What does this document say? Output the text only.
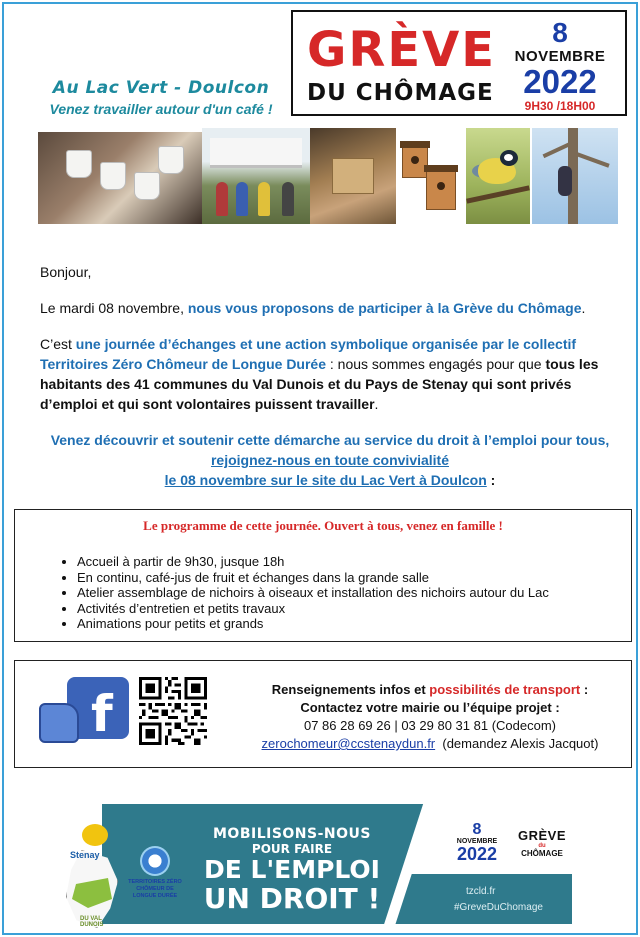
Au Lac Vert - Doulcon
Venez travailler autour d'un café !
GRÈVE
DU CHÔMAGE
8
NOVEMBRE
2022
9H30 /18H00

Bonjour,

Le mardi 08 novembre, nous vous proposons de participer à la Grève du Chômage.

C’est une journée d’échanges et une action symbolique organisée par le collectif Territoires Zéro Chômeur de Longue Durée : nous sommes engagés pour que tous les habitants des 41 communes du Val Dunois et du Pays de Stenay qui sont privés d’emploi et qui sont volontaires puissent travailler.

Venez découvrir et soutenir cette démarche au service du droit à l’emploi pour tous,
rejoignez-nous en toute convivialité
le 08 novembre sur le site du Lac Vert à Doulcon :

Le programme de cette journée. Ouvert à tous, venez en famille !
• Accueil à partir de 9h30, jusque 18h
• En continu, café-jus de fruit et échanges dans la grande salle
• Atelier assemblage de nichoirs à oiseaux et installation des nichoirs autour du Lac
• Activités d’entretien et petits travaux
• Animations pour petits et grands
f	Renseignements infos et possibilités de transport :
Contactez votre mairie ou l’équipe projet :
07 86 28 69 26 | 03 29 80 31 81 (Codecom)
zerochomeur@ccstenaydun.fr  (demandez Alexis Jacquot)
MOBILISONS-NOUS
POUR FAIRE
DE L'EMPLOI
UN DROIT !
8
NOVEMBRE
2022
GRÈVE
du
CHÔMAGE
tzcld.fr
#GreveDuChomage
Stenay
DU VAL DUNOIS
TERRITOIRES ZÉRO CHÔMEUR DE LONGUE DURÉE
